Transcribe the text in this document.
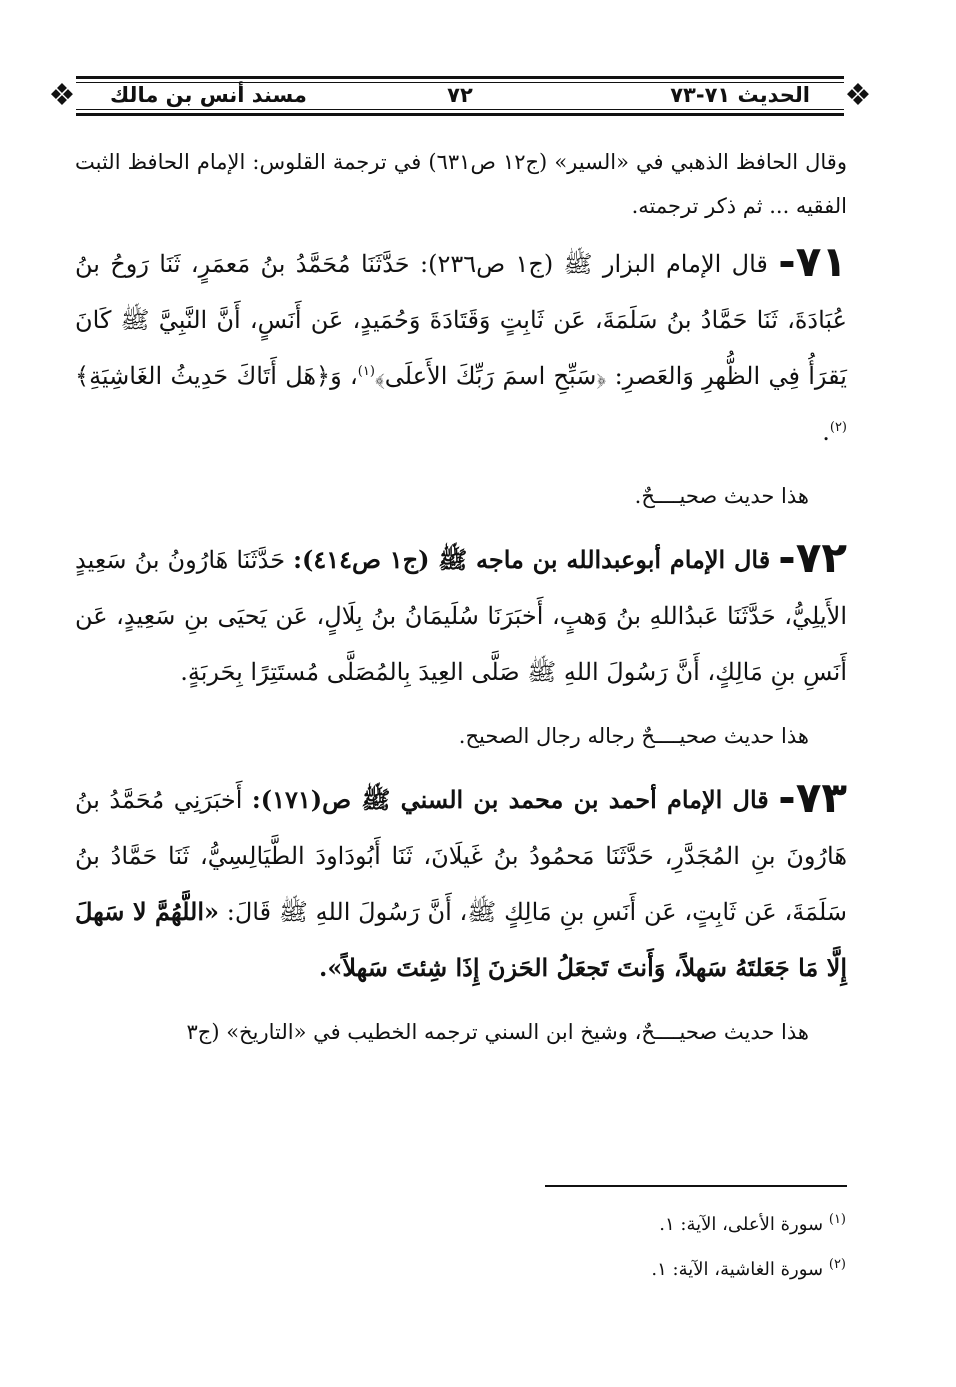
❖	الحديث ٧١-٧٣
٧٢
مسند أنس بن مالك	❖

وقال الحافظ الذهبي في «السير» (ج١٢ ص٦٣١) في ترجمة القلوس: الإمام الحافظ الثبت الفقيه ... ثم ذكر ترجمته.

٧١- قال الإمام البزار ﷺ (ج١ ص٢٣٦): حَدَّثَنَا مُحَمَّدُ بنُ مَعمَرٍ، ثَنَا رَوحُ بنُ عُبَادَةَ، ثَنَا حَمَّادُ بنُ سَلَمَةَ، عَن ثَابِتٍ وَقَتَادَةَ وَحُمَيدٍ، عَن أَنَسٍ، أَنَّ النَّبِيَّ ﷺ كَانَ يَقرَأُ فِي الظُّهرِ وَالعَصرِ: ﴿سَبِّحِ اسمَ رَبِّكَ الأَعلَى﴾$^{(١)}$، وَ﴿هَل أَتَاكَ حَدِيثُ الغَاشِيَةِ﴾$^{(٢)}$.

هذا حديث صحيــــحٌ.

٧٢- قال الإمام أبوعبدالله بن ماجه ﷺ (ج١ ص٤١٤): حَدَّثَنَا هَارُونُ بنُ سَعِيدٍ الأَيلِيُّ، حَدَّثَنَا عَبدُاللهِ بنُ وَهبٍ، أَخبَرَنَا سُلَيمَانُ بنُ بِلَالٍ، عَن يَحيَى بنِ سَعِيدٍ، عَن أَنَسِ بنِ مَالِكٍ، أَنَّ رَسُولَ اللهِ ﷺ صَلَّى العِيدَ بِالمُصَلَّى مُستَتِرًا بِحَربَةٍ.

هذا حديث صحيــــحٌ رجاله رجال الصحيح.

٧٣- قال الإمام أحمد بن محمد بن السني ﷺ ص(١٧١): أَخبَرَنِي مُحَمَّدُ بنُ هَارُونَ بنِ المُجَدَّرِ، حَدَّثَنَا مَحمُودُ بنُ غَيلَانَ، ثَنَا أَبُودَاودَ الطَّيَالِسِيُّ، ثَنَا حَمَّادُ بنُ سَلَمَةَ، عَن ثَابِتٍ، عَن أَنَسِ بنِ مَالِكٍ ﷺ، أَنَّ رَسُولَ اللهِ ﷺ قَالَ: «اللَّهُمَّ لا سَهلَ إِلَّا مَا جَعَلتَهُ سَهلاً، وَأَنتَ تَجعَلُ الحَزنَ إِذَا شِئتَ سَهلاً».

هذا حديث صحيــــحٌ، وشيخ ابن السني ترجمه الخطيب في «التاريخ» (ج٣

$^{(١)}$ سورة الأعلى، الآية: ١.
$^{(٢)}$ سورة الغاشية، الآية: ١.
